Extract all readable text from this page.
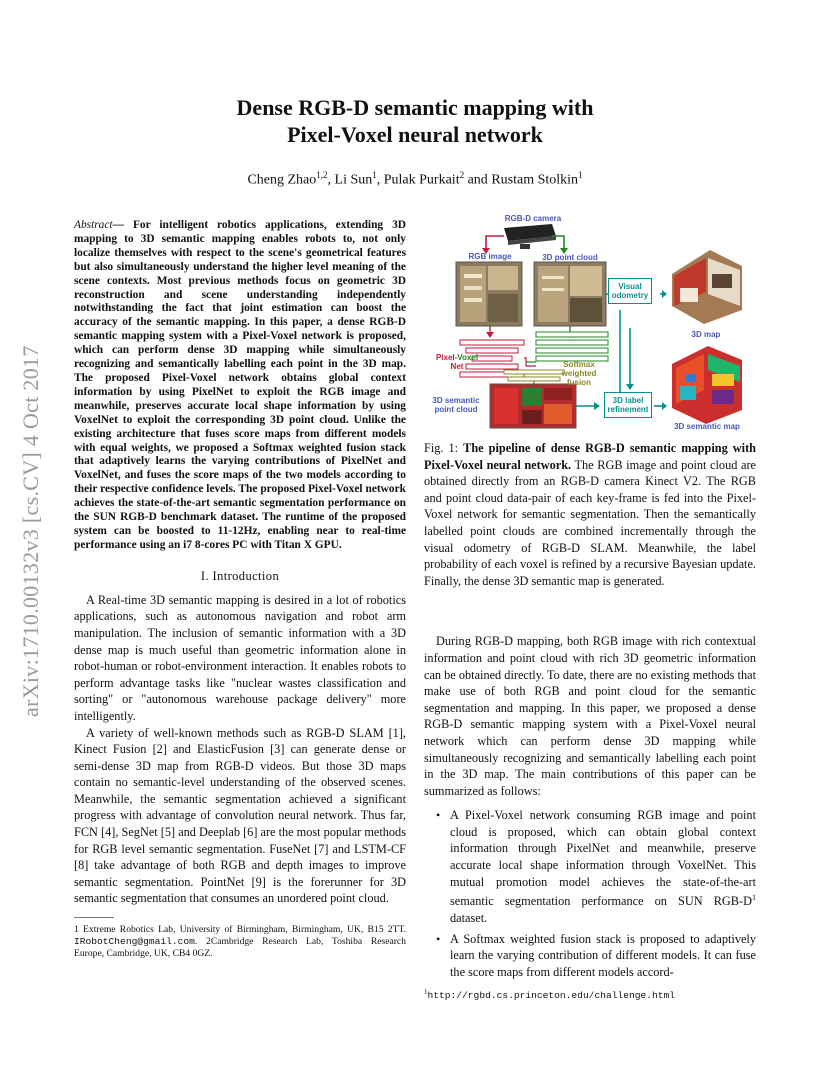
arXiv:1710.00132v3 [cs.CV] 4 Oct 2017
Dense RGB-D semantic mapping with
Pixel-Voxel neural network
Cheng Zhao$^{1,2}$, Li Sun$^1$, Pulak Purkait$^2$ and Rustam Stolkin$^1$
Abstract— For intelligent robotics applications, extending 3D mapping to 3D semantic mapping enables robots to, not only localize themselves with respect to the scene's geometrical features but also simultaneously understand the higher level meaning of the scene contexts. Most previous methods focus on geometric 3D reconstruction and scene understanding independently notwithstanding the fact that joint estimation can boost the accuracy of the semantic mapping. In this paper, a dense RGB-D semantic mapping system with a Pixel-Voxel network is proposed, which can perform dense 3D mapping while simultaneously recognizing and semantically labelling each point in the 3D map. The proposed Pixel-Voxel network obtains global context information by using PixelNet to exploit the RGB image and meanwhile, preserves accurate local shape information by using VoxelNet to exploit the corresponding 3D point cloud. Unlike the existing architecture that fuses score maps from different models with equal weights, we proposed a Softmax weighted fusion stack that adaptively learns the varying contributions of PixelNet and VoxelNet, and fuses the score maps of the two models according to their respective confidence levels. The proposed Pixel-Voxel network achieves the state-of-the-art semantic segmentation performance on the SUN RGB-D benchmark dataset. The runtime of the proposed system can be boosted to 11-12Hz, enabling near to real-time performance using an i7 8-cores PC with Titan X GPU.
I. Introduction

A Real-time 3D semantic mapping is desired in a lot of robotics applications, such as autonomous navigation and robot arm manipulation. The inclusion of semantic information with a 3D dense map is much useful than geometric information alone in robot-human or robot-environment interaction. It enables robots to perform advantage tasks like "nuclear wastes classification and sorting" or "autonomous warehouse package delivery" more intelligently.

A variety of well-known methods such as RGB-D SLAM [1], Kinect Fusion [2] and ElasticFusion [3] can generate dense or semi-dense 3D map from RGB-D videos. But those 3D maps contain no semantic-level understanding of the observed scenes. Meanwhile, the semantic segmentation achieved a significant progress with advantage of convolution neural network. Thus far, FCN [4], SegNet [5] and Deeplab [6] are the most popular methods for RGB level semantic segmentation. FuseNet [7] and LSTM-CF [8] take advantage of both RGB and depth images to improve semantic segmentation. PointNet [9] is the forerunner for 3D semantic segmentation that consumes an unordered point cloud.

1 Extreme Robotics Lab, University of Birmingham, Birmingham, UK, B15 2TT. IRobotCheng@gmail.com. 2Cambridge Research Lab, Toshiba Research Europe, Cambridge, UK, CB4 0GZ.
RGB-D camera
RGB image	3D point cloud
Visual odometry
3D map
Pixel-Voxel
Net	Softmax weighted fusion
3D semantic point cloud
3D label refinement
3D semantic map
Fig. 1: The pipeline of dense RGB-D semantic mapping with Pixel-Voxel neural network. The RGB image and point cloud are obtained directly from an RGB-D camera Kinect V2. The RGB and point cloud data-pair of each key-frame is fed into the Pixel-Voxel network for semantic segmentation. Then the semantically labelled point clouds are combined incrementally through the visual odometry of RGB-D SLAM. Meanwhile, the label probability of each voxel is refined by a recursive Bayesian update. Finally, the dense 3D semantic map is generated.

During RGB-D mapping, both RGB image with rich contextual information and point cloud with rich 3D geometric information can be obtained directly. To date, there are no existing methods that make use of both RGB and point cloud for the semantic segmentation and mapping. In this paper, we proposed a dense RGB-D semantic mapping system with a Pixel-Voxel neural network which can perform dense 3D mapping while simultaneously recognizing and semantically labelling each point in the 3D map. The main contributions of this paper can be summarized as follows:

• A Pixel-Voxel network consuming RGB image and point cloud is proposed, which can obtain global context information through PixelNet and meanwhile, preserve accurate local shape information through VoxelNet. This mutual promotion model achieves the state-of-the-art semantic segmentation performance on SUN RGB-$D^1$ dataset.
• A Softmax weighted fusion stack is proposed to adaptively learn the varying contribution of different models. It can fuse the score maps from different models accord-
$^1$http://rgbd.cs.princeton.edu/challenge.html
